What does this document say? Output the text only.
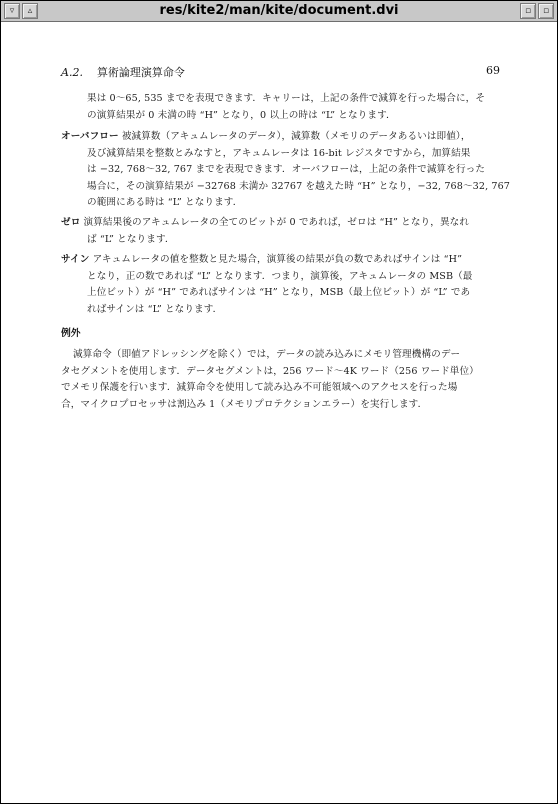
▿	▵	res/kite2/man/kite/document.dvi	▫	▫
A.2. 算術論理演算命令	69
果は 0～65, 535 までを表現できます．キャリーは，上記の条件で減算を行った場合に，そ
の演算結果が 0 未満の時 “H” となり，0 以上の時は “L” となります．
オーバフロー 被減算数（アキュムレータのデータ），減算数（メモリのデータあるいは即値），
及び減算結果を整数とみなすと，アキュムレータは 16-bit レジスタですから，加算結果
は −32, 768～32, 767 までを表現できます．オーバフローは，上記の条件で減算を行った
場合に，その演算結果が −32768 未満か 32767 を越えた時 “H” となり，−32, 768～32, 767
の範囲にある時は “L” となります．
ゼロ 演算結果後のアキュムレータの全てのビットが 0 であれば，ゼロは “H” となり，異なれ
ば “L” となります．
サイン アキュムレータの値を整数と見た場合，演算後の結果が負の数であればサインは “H”
となり，正の数であれば “L” となります．つまり，演算後，アキュムレータの MSB（最
上位ビット）が “H” であればサインは “H” となり，MSB（最上位ビット）が “L” であ
ればサインは “L” となります．
例外
減算命令（即値アドレッシングを除く）では，データの読み込みにメモリ管理機構のデー
タセグメントを使用します．データセグメントは，256 ワード～4K ワード（256 ワード単位）
でメモリ保護を行います．減算命令を使用して読み込み不可能領域へのアクセスを行った場
合，マイクロプロセッサは割込み 1（メモリプロテクションエラー）を実行します．
